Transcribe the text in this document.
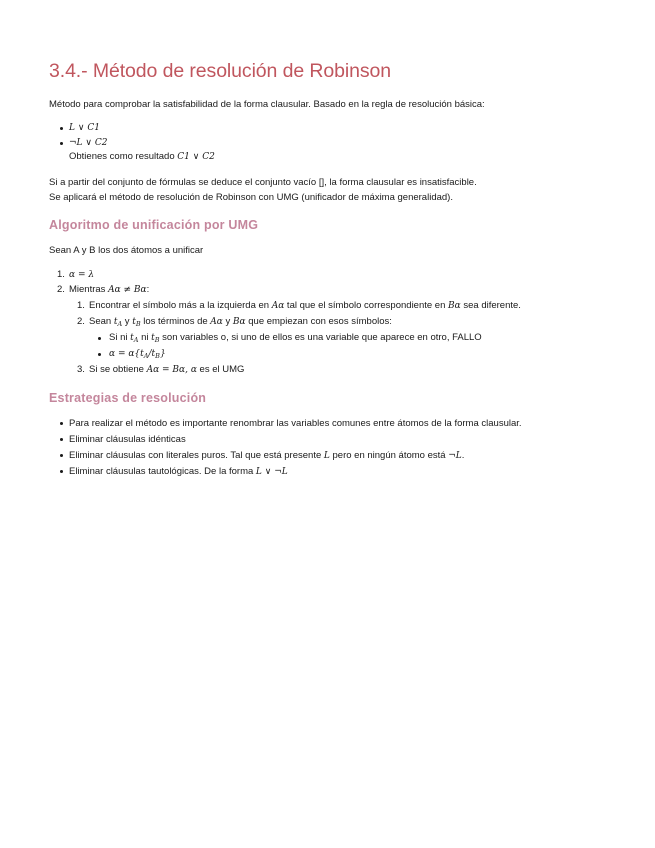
3.4.- Método de resolución de Robinson

Método para comprobar la satisfabilidad de la forma clausular. Basado en la regla de resolución básica:

L ∨ C1
¬L ∨ C2
Obtienes como resultado C1 ∨ C2

Si a partir del conjunto de fórmulas se deduce el conjunto vacío [], la forma clausular es insatisfacible.

Se aplicará el método de resolución de Robinson con UMG (unificador de máxima generalidad).

Algoritmo de unificación por UMG

Sean A y B los dos átomos a unificar

1. α = λ
2. Mientras Aα ≠ Bα:
1. Encontrar el símbolo más a la izquierda en Aα tal que el símbolo correspondiente en Bα sea diferente.
2. Sean $t_A$ y $t_B$ los términos de Aα y Bα que empiezan con esos símbolos:
Si ni $t_A$ ni $t_B$ son variables o, si uno de ellos es una variable que aparece en otro, FALLO
$\alpha = \alpha\{t_A/t_B\}$
3. Si se obtiene Aα = Bα, α es el UMG
Estrategias de resolución
Para realizar el método es importante renombrar las variables comunes entre átomos de la forma clausular.
Eliminar cláusulas idénticas
Eliminar cláusulas con literales puros. Tal que está presente L pero en ningún átomo está ¬L.
Eliminar cláusulas tautológicas. De la forma L ∨ ¬L
